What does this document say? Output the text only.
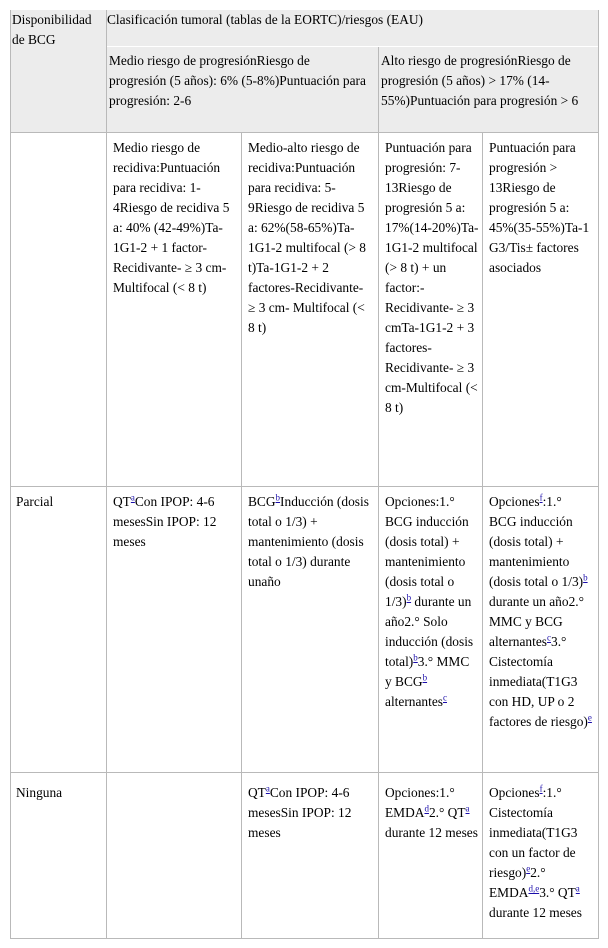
Disponibilidad de BCG
Clasificación tumoral (tablas de la EORTC)/riesgos (EAU)
Medio riesgo de progresiónRiesgo de progresión (5 años): 6% (5-8%)Puntuación para progresión: 2-6
Alto riesgo de progresiónRiesgo de progresión (5 años) > 17% (14-55%)Puntuación para progresión > 6
Medio riesgo de recidiva:Puntuación para recidiva: 1-4Riesgo de recidiva 5 a: 40% (42-49%)Ta-1G1-2 + 1 factor- Recidivante- ≥ 3 cm- Multifocal (< 8 t)
Medio-alto riesgo de recidiva:Puntuación para recidiva: 5-9Riesgo de recidiva 5 a: 62%(58-65%)Ta-1G1-2 multifocal (> 8 t)Ta-1G1-2 + 2 factores-Recidivante- ≥ 3 cm- Multifocal (< 8 t)
Puntuación para progresión: 7-13Riesgo de progresión 5 a: 17%(14-20%)Ta-1G1-2 multifocal (> 8 t) + un factor:-Recidivante- ≥ 3 cmTa-1G1-2 + 3 factores-Recidivante- ≥ 3 cm-Multifocal (< 8 t)
Puntuación para progresión > 13Riesgo de progresión 5 a: 45%(35-55%)Ta-1 G3/Tis± factores asociados
Parcial	QT$^a$Con IPOP: 4-6 mesesSin IPOP: 12 meses
BCG$^b$Inducción (dosis total o 1/3) + mantenimiento (dosis total o 1/3) durante unaño
Opciones:1.° BCG inducción (dosis total) + mantenimiento (dosis total o 1/3)$^b$ durante un año2.° Solo inducción (dosis total)$^b$3.° MMC y BCG$^b$ alternantes$^c$
Opciones$^f$:1.° BCG inducción (dosis total) + mantenimiento (dosis total o 1/3)$^b$ durante un año2.° MMC y BCG alternantes$^c$3.° Cistectomía inmediata(T1G3 con HD, UP o 2 factores de riesgo)$^e$
Ninguna	QT$^a$Con IPOP: 4-6 mesesSin IPOP: 12 meses
Opciones:1.° EMDA$^d$2.° QT$^a$ durante 12 meses
Opciones$^f$:1.° Cistectomía inmediata(T1G3 con un factor de riesgo)$^e$2.° EMDA$^{d,e}$3.° QT$^a$ durante 12 meses
